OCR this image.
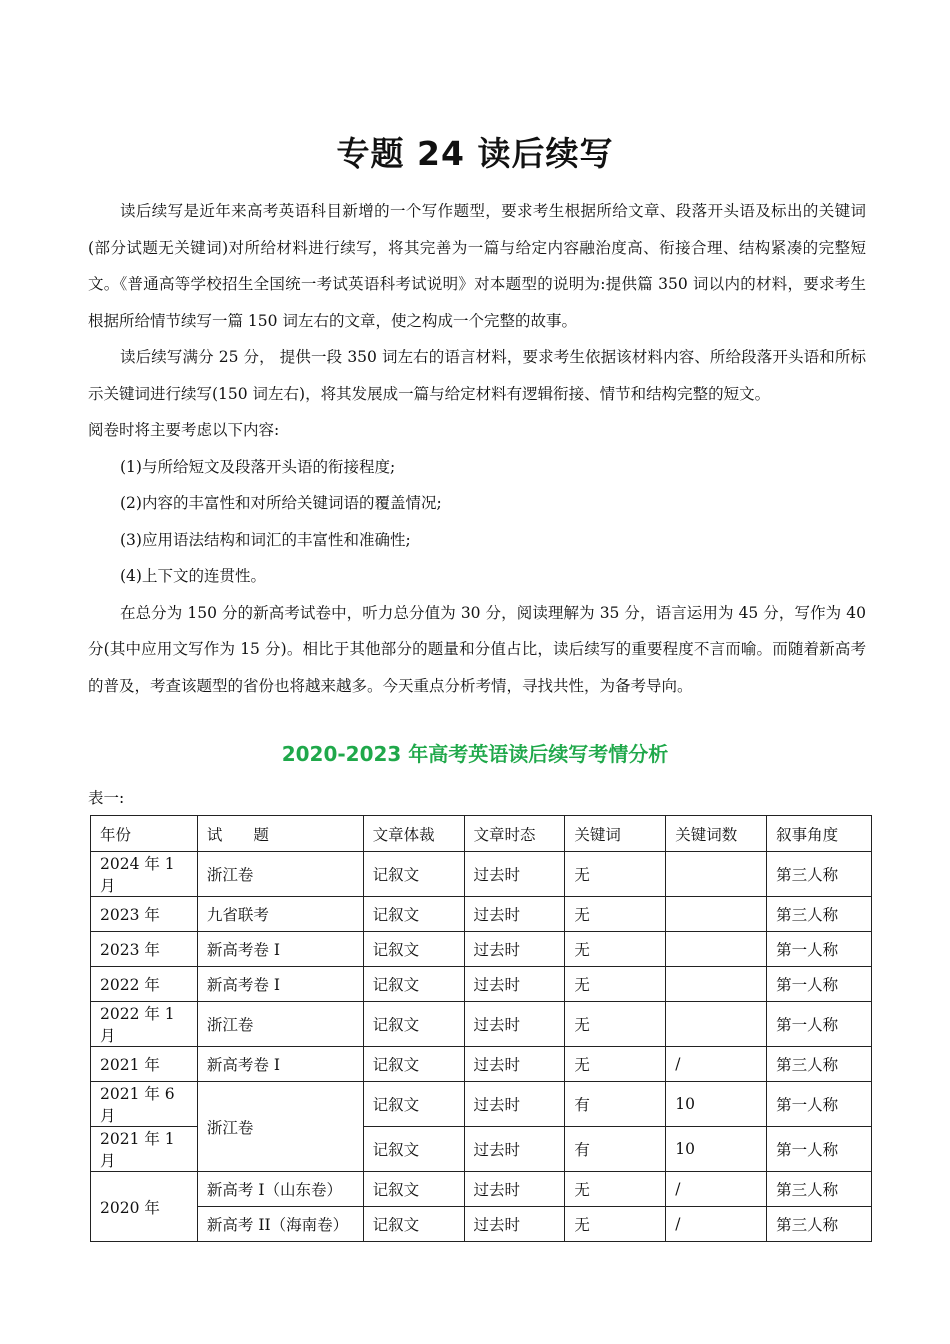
专题 24 读后续写

读后续写是近年来高考英语科目新增的一个写作题型，要求考生根据所给文章、段落开头语及标出的关键词(部分试题无关键词)对所给材料进行续写，将其完善为一篇与给定内容融治度高、衔接合理、结构紧凑的完整短文。《普通高等学校招生全国统一考试英语科考试说明》对本题型的说明为:提供篇 350 词以内的材料，要求考生根据所给情节续写一篇 150 词左右的文章，使之构成一个完整的故事。

读后续写满分 25 分， 提供一段 350 词左右的语言材料，要求考生依据该材料内容、所给段落开头语和所标示关键词进行续写(150 词左右)，将其发展成一篇与给定材料有逻辑衔接、情节和结构完整的短文。

阅卷时将主要考虑以下内容:

(1)与所给短文及段落开头语的衔接程度;
(2)内容的丰富性和对所给关键词语的覆盖情况;
(3)应用语法结构和词汇的丰富性和准确性;
(4)上下文的连贯性。

在总分为 150 分的新高考试卷中，听力总分值为 30 分，阅读理解为 35 分，语言运用为 45 分，写作为 40 分(其中应用文写作为 15 分)。相比于其他部分的题量和分值占比，读后续写的重要程度不言而喻。而随着新高考的普及，考查该题型的省份也将越来越多。今天重点分析考情，寻找共性，为备考导向。

2020-2023 年高考英语读后续写考情分析
表一:
年份	试　　题	文章体裁	文章时态	关键词	关键词数	叙事角度
2024 年 1 月	浙江卷	记叙文	过去时	无		第三人称
2023 年	九省联考	记叙文	过去时	无		第三人称
2023 年	新高考卷 I	记叙文	过去时	无		第一人称
2022 年	新高考卷 I	记叙文	过去时	无		第一人称
2022 年 1 月	浙江卷	记叙文	过去时	无		第一人称
2021 年	新高考卷 I	记叙文	过去时	无	/	第三人称
2021 年 6 月	浙江卷	记叙文	过去时	有	10	第一人称
2021 年 1 月		记叙文	过去时	有	10	第一人称
2020 年	新高考 I（山东卷）	记叙文	过去时	无	/	第三人称
	新高考 II（海南卷）	记叙文	过去时	无	/	第三人称
